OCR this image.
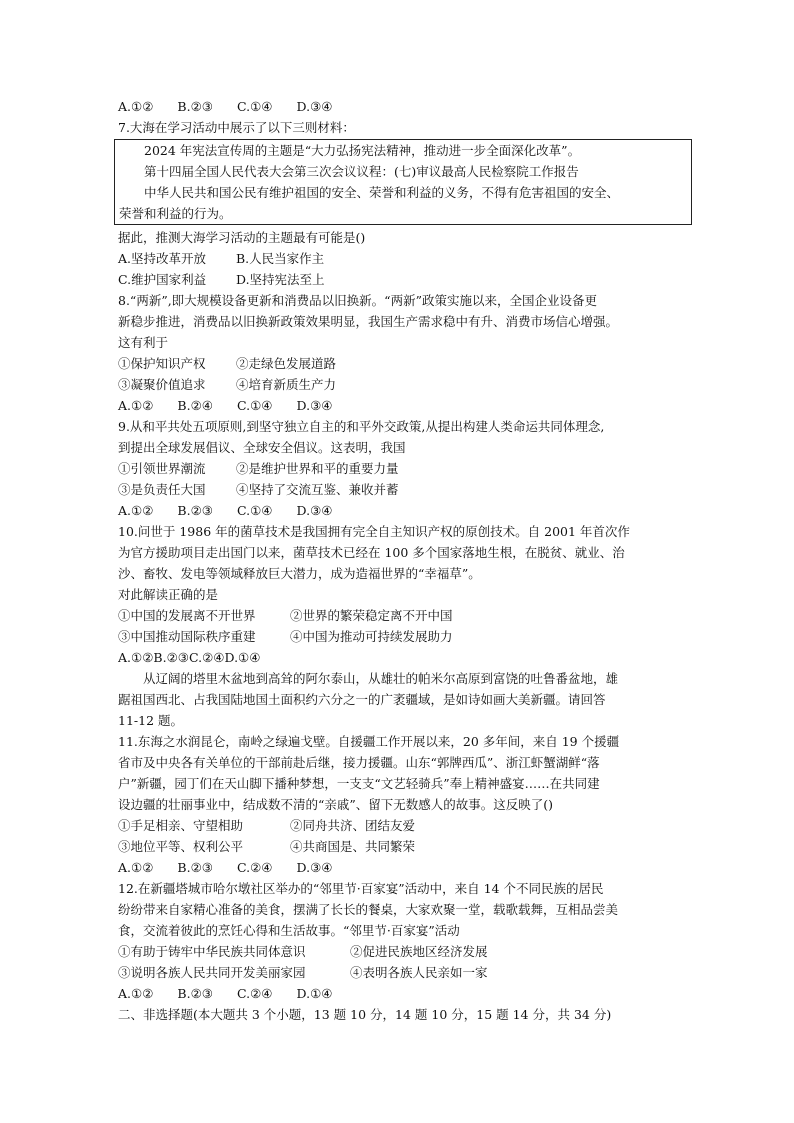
A.①② B.②③ C.①④ D.③④
7.大海在学习活动中展示了以下三则材料：
2024 年宪法宣传周的主题是“大力弘扬宪法精神，推动进一步全面深化改革”。
第十四届全国人民代表大会第三次会议议程：(七)审议最高人民检察院工作报告
中华人民共和国公民有维护祖国的安全、荣誉和利益的义务，不得有危害祖国的安全、
荣誉和利益的行为。
据此，推测大海学习活动的主题最有可能是()
A.坚持改革开放	B.人民当家作主
C.维护国家利益	D.坚持宪法至上
8.“两新”,即大规模设备更新和消费品以旧换新。“两新”政策实施以来，全国企业设备更
新稳步推进，消费品以旧换新政策效果明显，我国生产需求稳中有升、消费市场信心增强。
这有利于
①保护知识产权	②走绿色发展道路
③凝聚价值追求	④培育新质生产力
A.①② B.②④ C.①④ D.③④
9.从和平共处五项原则,到坚守独立自主的和平外交政策,从提出构建人类命运共同体理念,
到提出全球发展倡议、全球安全倡议。这表明，我国
①引领世界潮流	②是维护世界和平的重要力量
③是负责任大国	④坚持了交流互鉴、兼收并蓄
A.①② B.②③ C.①④ D.③④
10.问世于 1986 年的菌草技术是我国拥有完全自主知识产权的原创技术。自 2001 年首次作
为官方援助项目走出国门以来，菌草技术已经在 100 多个国家落地生根，在脱贫、就业、治
沙、畜牧、发电等领域释放巨大潜力，成为造福世界的“幸福草”。
对此解读正确的是
①中国的发展离不开世界	②世界的繁荣稳定离不开中国
③中国推动国际秩序重建	④中国为推动可持续发展助力
A.①②B.②③C.②④D.①④
从辽阔的塔里木盆地到高耸的阿尔泰山，从雄壮的帕米尔高原到富饶的吐鲁番盆地，雄
踞祖国西北、占我国陆地国土面积约六分之一的广袤疆域，是如诗如画大美新疆。请回答
11-12 题。
11.东海之水润昆仑，南岭之绿遍戈壁。自援疆工作开展以来，20 多年间，来自 19 个援疆
省市及中央各有关单位的干部前赴后继，接力援疆。山东“郭牌西瓜”、浙江虾蟹湖鲜“落
户”新疆，园丁们在天山脚下播种梦想，一支支“文艺轻骑兵”奉上精神盛宴……在共同建
设边疆的壮丽事业中，结成数不清的“亲戚”、留下无数感人的故事。这反映了()
①手足相亲、守望相助	②同舟共济、团结友爱
③地位平等、权利公平	④共商国是、共同繁荣
A.①② B.②③ C.②④ D.③④
12.在新疆塔城市哈尔墩社区举办的“邻里节·百家宴”活动中，来自 14 个不同民族的居民
纷纷带来自家精心准备的美食，摆满了长长的餐桌，大家欢聚一堂，载歌载舞，互相品尝美
食，交流着彼此的烹饪心得和生活故事。“邻里节·百家宴”活动
①有助于铸牢中华民族共同体意识	②促进民族地区经济发展
③说明各族人民共同开发美丽家园	④表明各族人民亲如一家
A.①② B.②③ C.②④ D.①④
二、非选择题(本大题共 3 个小题，13 题 10 分，14 题 10 分，15 题 14 分，共 34 分)
